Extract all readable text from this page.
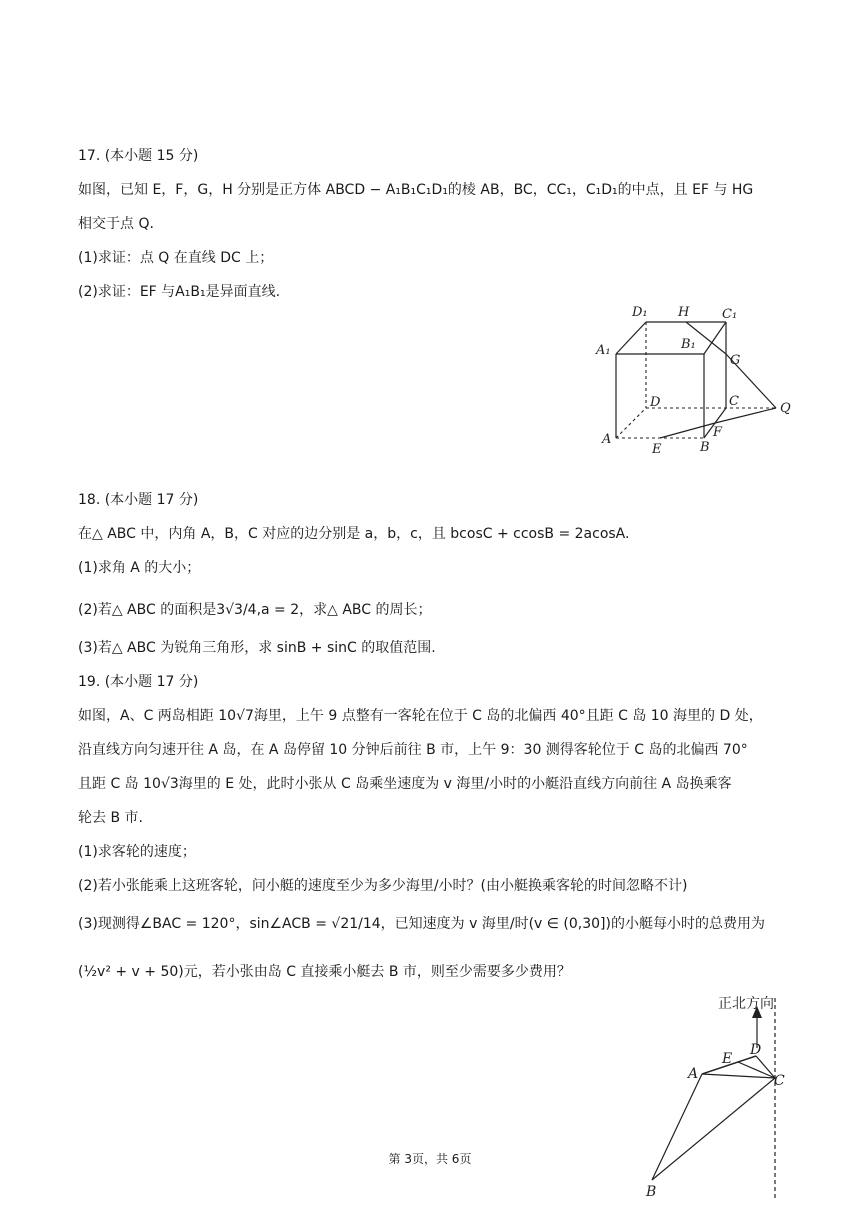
17. (本小题 15 分)
如图，已知 E，F，G，H 分别是正方体 ABCD − A₁B₁C₁D₁的棱 AB，BC，CC₁，C₁D₁的中点，且 EF 与 HG
相交于点 Q.
(1)求证：点 Q 在直线 DC 上；
(2)求证：EF 与A₁B₁是异面直线.
D₁ H	C₁
A₁	B₁
G
D	C	Q
A	F
E	B
18. (本小题 17 分)
在△ ABC 中，内角 A，B，C 对应的边分别是 a，b，c，且 bcosC + ccosB = 2acosA.
(1)求角 A 的大小；
(2)若△ ABC 的面积是3√3/4,a = 2，求△ ABC 的周长；
(3)若△ ABC 为锐角三角形，求 sinB + sinC 的取值范围.
19. (本小题 17 分)
如图，A、C 两岛相距 10√7海里，上午 9 点整有一客轮在位于 C 岛的北偏西 40°且距 C 岛 10 海里的 D 处，
沿直线方向匀速开往 A 岛，在 A 岛停留 10 分钟后前往 B 市，上午 9：30 测得客轮位于 C 岛的北偏西 70°
且距 C 岛 10√3海里的 E 处，此时小张从 C 岛乘坐速度为 v 海里/小时的小艇沿直线方向前往 A 岛换乘客
轮去 B 市.
(1)求客轮的速度；
(2)若小张能乘上这班客轮，问小艇的速度至少为多少海里/小时？(由小艇换乘客轮的时间忽略不计)
(3)现测得∠BAC = 120°，sin∠ACB = √21/14，已知速度为 v 海里/时(v ∈ (0,30])的小艇每小时的总费用为
(½v² + v + 50)元，若小张由岛 C 直接乘小艇去 B 市，则至少需要多少费用？
正北方向
E
D
A	C
B
第 3页，共 6页
